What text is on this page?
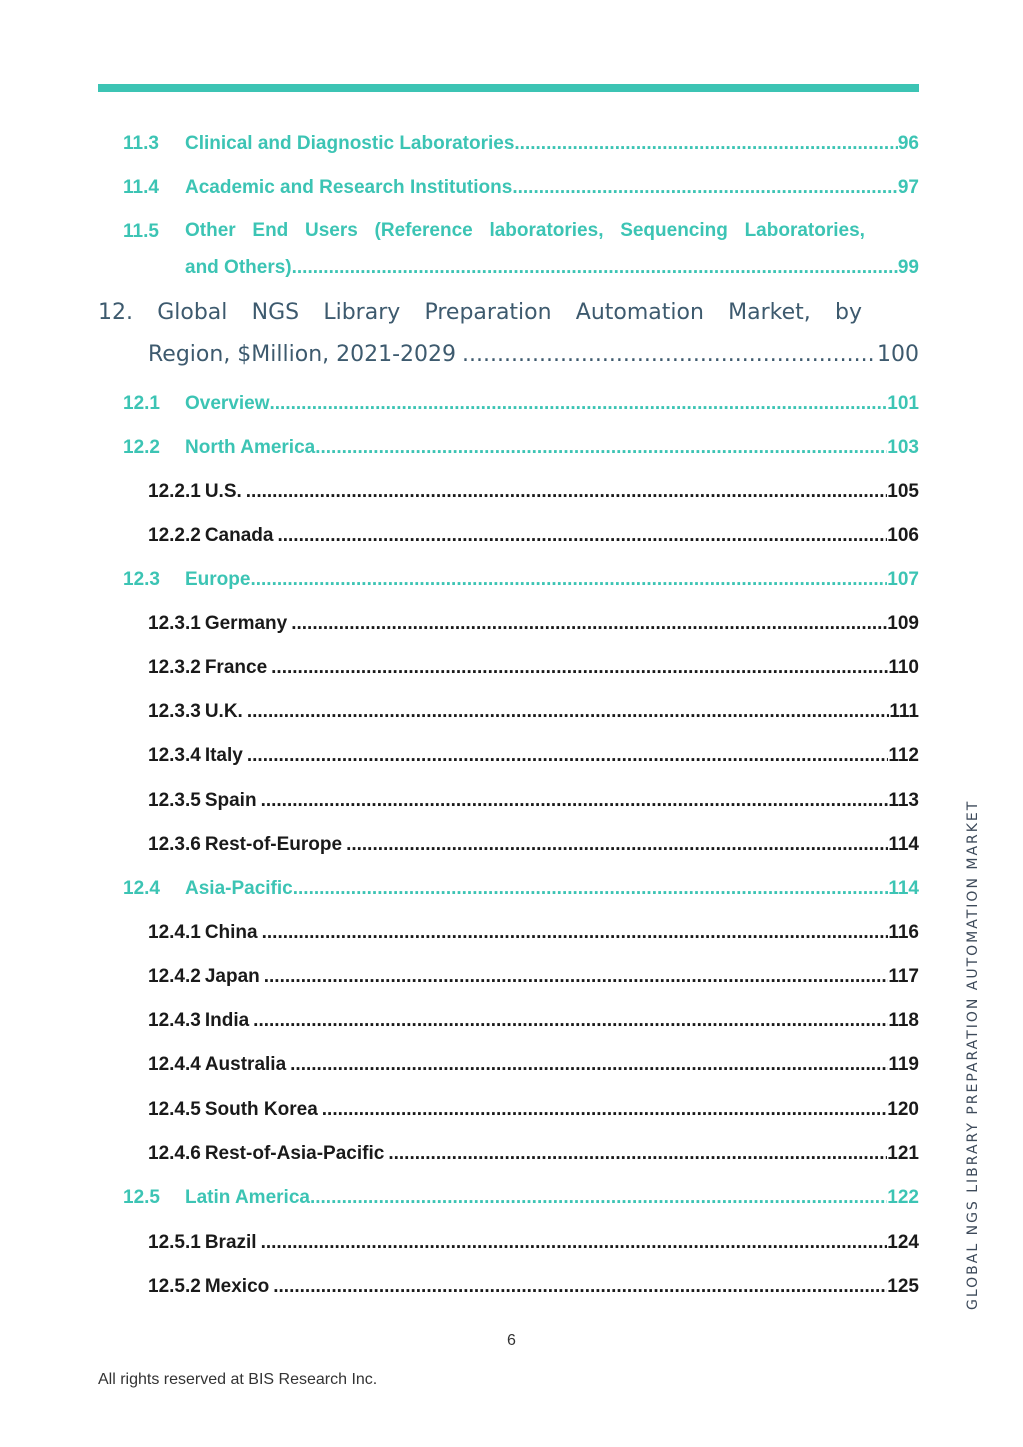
11.3 Clinical and Diagnostic Laboratories .....	96
11.4 Academic and Research Institutions .....	97
11.5 Other End Users (Reference laboratories, Sequencing Laboratories,
and Others) .....	99
12. Global NGS Library Preparation Automation Market, by
Region, $Million, 2021-2029 .....	100
12.1 Overview .....	101
12.2 North America .....	103
12.2.1 U.S. .....	105
12.2.2 Canada .....	106
12.3 Europe .....	107
12.3.1 Germany .....	109
12.3.2 France .....	110
12.3.3 U.K. .....	111
12.3.4 Italy .....	112
12.3.5 Spain .....	113
12.3.6 Rest-of-Europe .....	114
12.4 Asia-Pacific .....	114
12.4.1 China .....	116
12.4.2 Japan .....	117
12.4.3 India .....	118
12.4.4 Australia .....	119
12.4.5 South Korea .....	120
12.4.6 Rest-of-Asia-Pacific .....	121
12.5 Latin America .....	122
12.5.1 Brazil .....	124
12.5.2 Mexico .....	125	GLOBAL NGS LIBRARY PREPARATION AUTOMATION MARKET
6
All rights reserved at BIS Research Inc.
